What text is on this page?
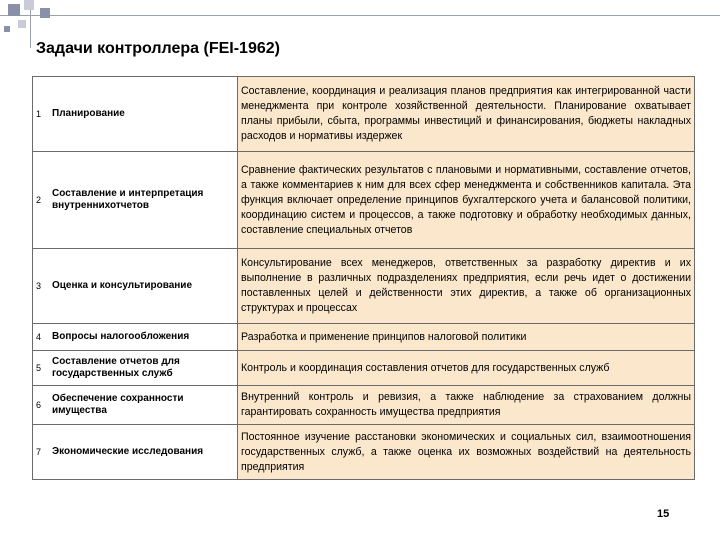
Задачи контроллера (FEI-1962)
1	Планирование	Составление, координация и реализация планов предприятия как интегрированной части менеджмента при контроле хозяйственной деятельности. Планирование охватывает планы прибыли, сбыта, программы инвестиций и финансирования, бюджеты накладных расходов и нормативы издержек
2	Составление и интерпретация внутреннихотчетов	Сравнение фактических результатов с плановыми и нормативными, составление отчетов, а также комментариев к ним для всех сфер менеджмента и собственников капитала. Эта функция включает определение принципов бухгалтерского учета и балансовой политики, координацию систем и процессов, а также подготовку и обработку необходимых данных, составление специальных отчетов
3	Оценка и консультирование	Консультирование всех менеджеров, ответственных за разработку директив и их выполнение в различных подразделениях предприятия, если речь идет о достижении поставленных целей и действенности этих директив, а также об организационных структурах и процессах
4	Вопросы налогообложения	Разработка и применение принципов налоговой политики
5	Составление отчетов для государственных служб	Контроль и координация составления отчетов для государственных служб
6	Обеспечение сохранности имущества	Внутренний контроль и ревизия, а также наблюдение за страхованием должны гарантировать сохранность имущества предприятия
7	Экономические исследования	Постоянное изучение расстановки экономических и социальных сил, взаимоотношения государственных служб, а также оценка их возможных воздействий на деятельность предприятия
15
